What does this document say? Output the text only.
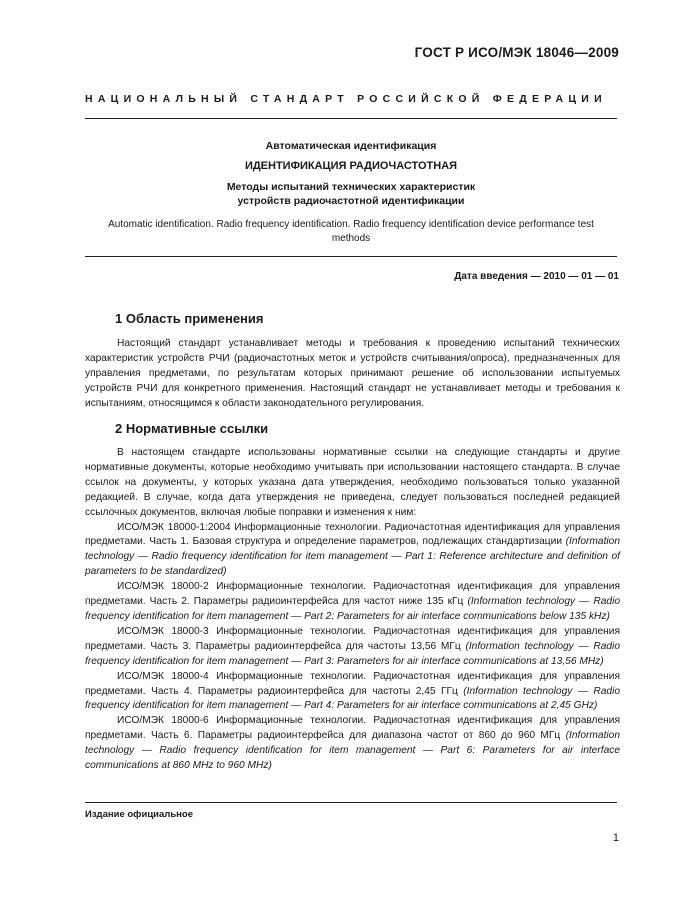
ГОСТ Р ИСО/МЭК 18046—2009
НАЦИОНАЛЬНЫЙ СТАНДАРТ РОССИЙСКОЙ ФЕДЕРАЦИИ
Автоматическая идентификация
ИДЕНТИФИКАЦИЯ РАДИОЧАСТОТНАЯ
Методы испытаний технических характеристик
устройств радиочастотной идентификации
Automatic identification. Radio frequency identification. Radio frequency identification device performance test methods
Дата введения — 2010 — 01 — 01
1 Область применения

Настоящий стандарт устанавливает методы и требования к проведению испытаний технических характеристик устройств РЧИ (радиочастотных меток и устройств считывания/опроса), предназначенных для управления предметами, по результатам которых принимают решение об использовании испытуемых устройств РЧИ для конкретного применения. Настоящий стандарт не устанавливает методы и требования к испытаниям, относящимся к области законодательного регулирования.

2 Нормативные ссылки

В настоящем стандарте использованы нормативные ссылки на следующие стандарты и другие нормативные документы, которые необходимо учитывать при использовании настоящего стандарта. В случае ссылок на документы, у которых указана дата утверждения, необходимо пользоваться только указанной редакцией. В случае, когда дата утверждения не приведена, следует пользоваться последней редакцией ссылочных документов, включая любые поправки и изменения к ним:

ИСО/МЭК 18000-1:2004 Информационные технологии. Радиочастотная идентификация для управления предметами. Часть 1. Базовая структура и определение параметров, подлежащих стандартизации (Information technology — Radio frequency identification for item management — Part 1: Reference architecture and definition of parameters to be standardized)

ИСО/МЭК 18000-2 Информационные технологии. Радиочастотная идентификация для управления предметами. Часть 2. Параметры радиоинтерфейса для частот ниже 135 кГц (Information technology — Radio frequency identification for item management — Part 2: Parameters for air interface communications below 135 kHz)

ИСО/МЭК 18000-3 Информационные технологии. Радиочастотная идентификация для управления предметами. Часть 3. Параметры радиоинтерфейса для частоты 13,56 МГц (Information technology — Radio frequency identification for item management — Part 3: Parameters for air interface communications at 13,56 MHz)

ИСО/МЭК 18000-4 Информационные технологии. Радиочастотная идентификация для управления предметами. Часть 4. Параметры радиоинтерфейса для частоты 2,45 ГГц (Information technology — Radio frequency identification for item management — Part 4: Parameters for air interface communications at 2,45 GHz)

ИСО/МЭК 18000-6 Информационные технологии. Радиочастотная идентификация для управления предметами. Часть 6. Параметры радиоинтерфейса для диапазона частот от 860 до 960 МГц (Information technology — Radio frequency identification for item management — Part 6: Parameters for air interface communications at 860 MHz to 960 MHz)

Издание официальное
1
